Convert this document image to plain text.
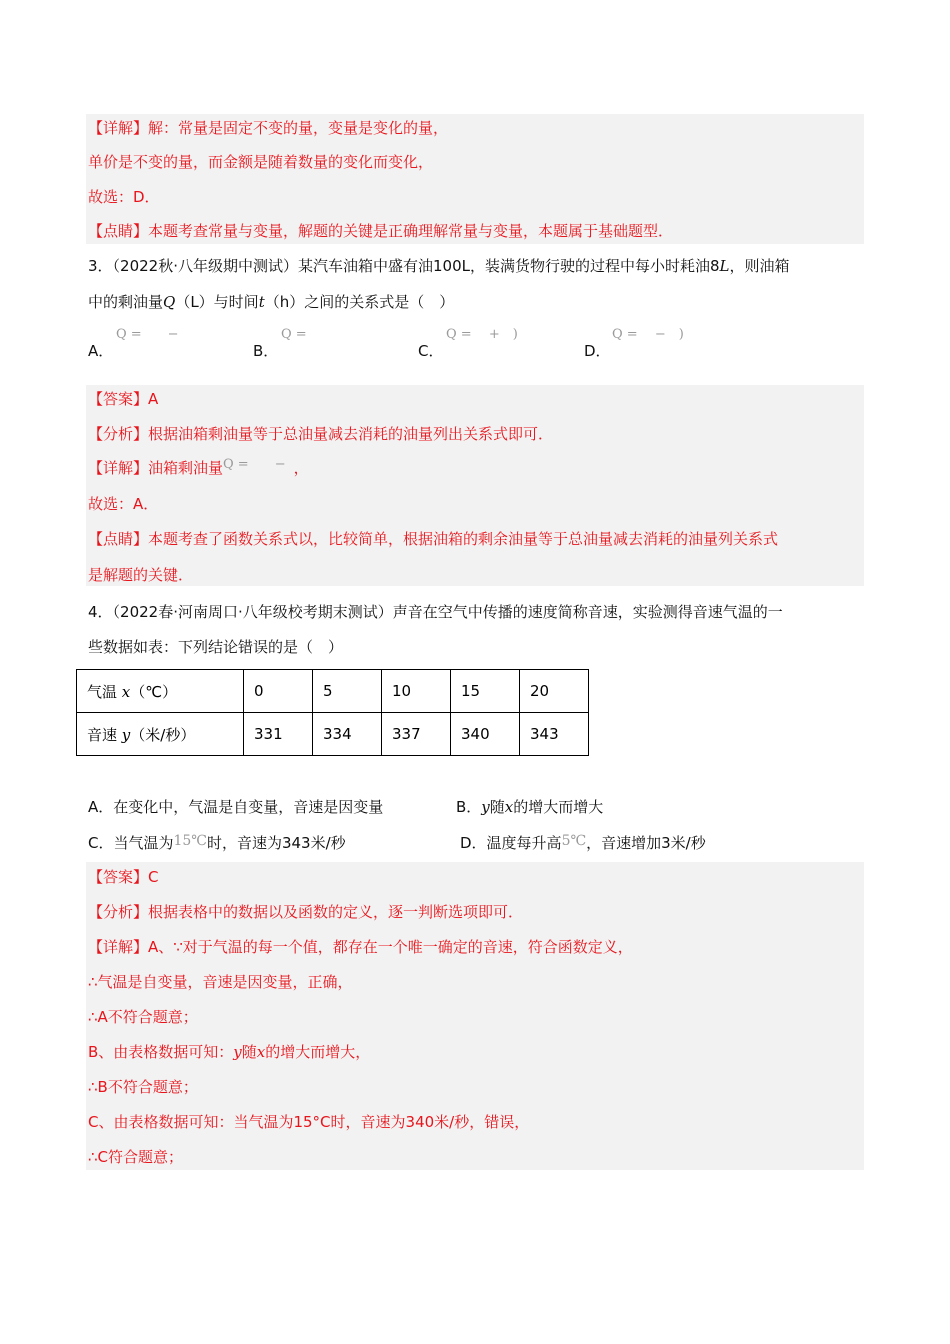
【详解】解：常量是固定不变的量，变量是变化的量，
单价是不变的量，而金额是随着数量的变化而变化，
故选：D．
【点睛】本题考查常量与变量，解题的关键是正确理解常量与变量，本题属于基础题型．
3．（2022秋·八年级期中测试）某汽车油箱中盛有油100L，装满货物行驶的过程中每小时耗油8L，则油箱
中的剩油量Q（L）与时间t（h）之间的关系式是（　）
Q =　　−
A．
Q =
B．
Q =　 +　)
C．
Q =　 −　)
D．
【答案】A
【分析】根据油箱剩油量等于总油量减去消耗的油量列出关系式即可．
【详解】油箱剩油量Q =　　− ，
故选：A．
【点睛】本题考查了函数关系式以，比较简单，根据油箱的剩余油量等于总油量减去消耗的油量列关系式
是解题的关键．
4．（2022春·河南周口·八年级校考期末测试）声音在空气中传播的速度简称音速，实验测得音速气温的一
些数据如表：下列结论错误的是（　）
气温 x（℃）	0	5	10	15	20
音速 y（米/秒）	331	334	337	340	343
A．在变化中，气温是自变量，音速是因变量	B．y随x的增大而增大
C．当气温为15℃时，音速为343米/秒	D．温度每升高5℃，音速增加3米/秒
【答案】C
【分析】根据表格中的数据以及函数的定义，逐一判断选项即可．
【详解】A、∵对于气温的每一个值，都存在一个唯一确定的音速，符合函数定义，
∴气温是自变量，音速是因变量，正确，
∴A不符合题意；
B、由表格数据可知：y随x的增大而增大，
∴B不符合题意；
C、由表格数据可知：当气温为15°C时，音速为340米/秒，错误，
∴C符合题意；
